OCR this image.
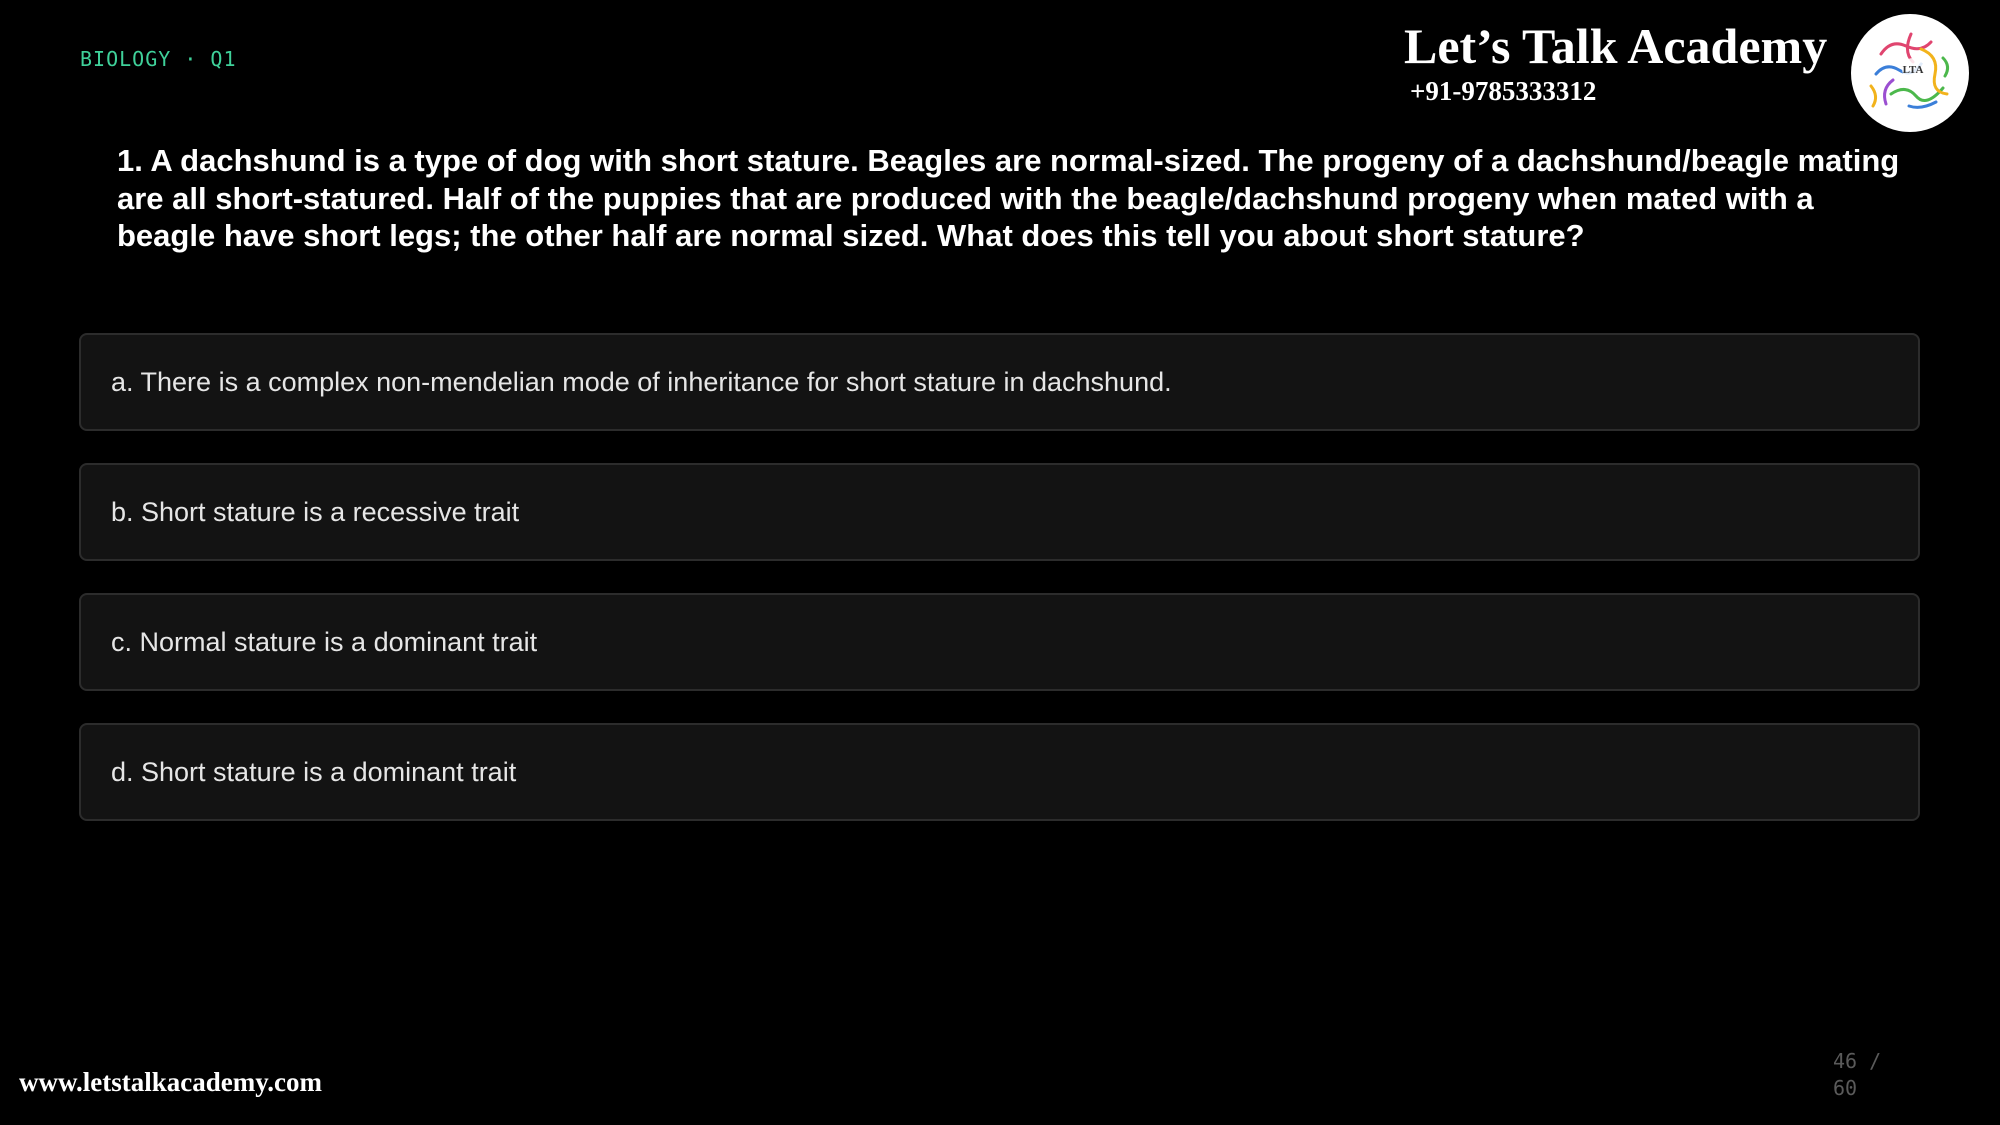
BIOLOGY · Q1	Let’s Talk Academy
+91-9785333312
LTA
1. A dachshund is a type of dog with short stature. Beagles are normal-sized. The progeny of a dachshund/beagle mating are all short-statured. Half of the puppies that are produced with the beagle/dachshund progeny when mated with a beagle have short legs; the other half are normal sized. What does this tell you about short stature?
a. There is a complex non-mendelian mode of inheritance for short stature in dachshund.
b. Short stature is a recessive trait
c. Normal stature is a dominant trait
d. Short stature is a dominant trait
www.letstalkacademy.com
46 / 60
